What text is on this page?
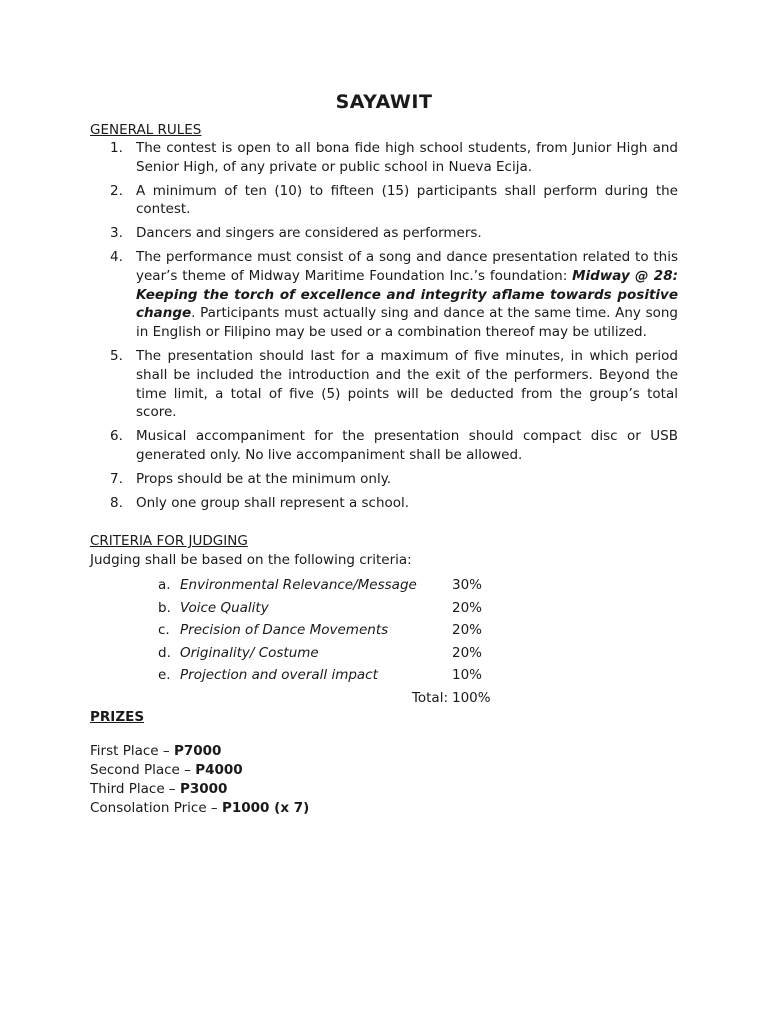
SAYAWIT
GENERAL RULES
1. The contest is open to all bona fide high school students, from Junior High and Senior High, of any private or public school in Nueva Ecija.
2. A minimum of ten (10) to fifteen (15) participants shall perform during the contest.
3. Dancers and singers are considered as performers.
4. The performance must consist of a song and dance presentation related to this year’s theme of Midway Maritime Foundation Inc.’s foundation: Midway @ 28: Keeping the torch of excellence and integrity aflame towards positive change. Participants must actually sing and dance at the same time. Any song in English or Filipino may be used or a combination thereof may be utilized.
5. The presentation should last for a maximum of five minutes, in which period shall be included the introduction and the exit of the performers. Beyond the time limit, a total of five (5) points will be deducted from the group’s total score.
6. Musical accompaniment for the presentation should compact disc or USB generated only. No live accompaniment shall be allowed.
7. Props should be at the minimum only.
8. Only one group shall represent a school.
CRITERIA FOR JUDGING
Judging shall be based on the following criteria:
a. Environmental Relevance/Message	30%
b. Voice Quality	20%
c. Precision of Dance Movements	20%
d. Originality/ Costume	20%
e. Projection and overall impact	10%
Total: 100%
PRIZES
First Place – P7000
Second Place – P4000
Third Place – P3000
Consolation Price – P1000 (x 7)
